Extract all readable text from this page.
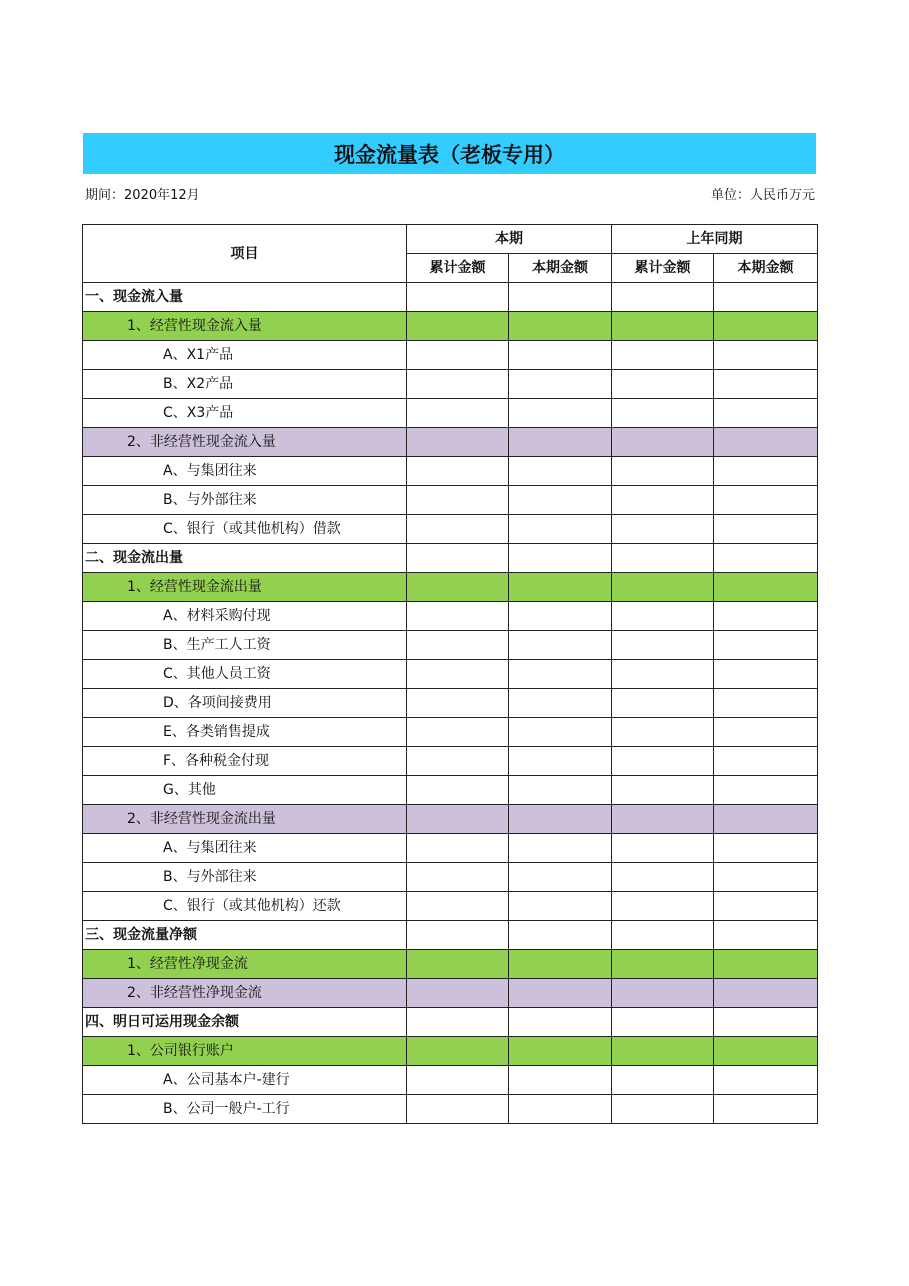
现金流量表（老板专用）
期间：2020年12月	单位：人民币万元
项目	本期		上年同期	
	累计金额	本期金额	累计金额	本期金额
一、现金流入量				
1、经营性现金流入量				
A、X1产品				
B、X2产品				
C、X3产品				
2、非经营性现金流入量				
A、与集团往来				
B、与外部往来				
C、银行（或其他机构）借款				
二、现金流出量				
1、经营性现金流出量				
A、材料采购付现				
B、生产工人工资				
C、其他人员工资				
D、各项间接费用				
E、各类销售提成				
F、各种税金付现				
G、其他				
2、非经营性现金流出量				
A、与集团往来				
B、与外部往来				
C、银行（或其他机构）还款				
三、现金流量净额				
1、经营性净现金流				
2、非经营性净现金流				
四、明日可运用现金余额				
1、公司银行账户				
A、公司基本户-建行				
B、公司一般户-工行				
